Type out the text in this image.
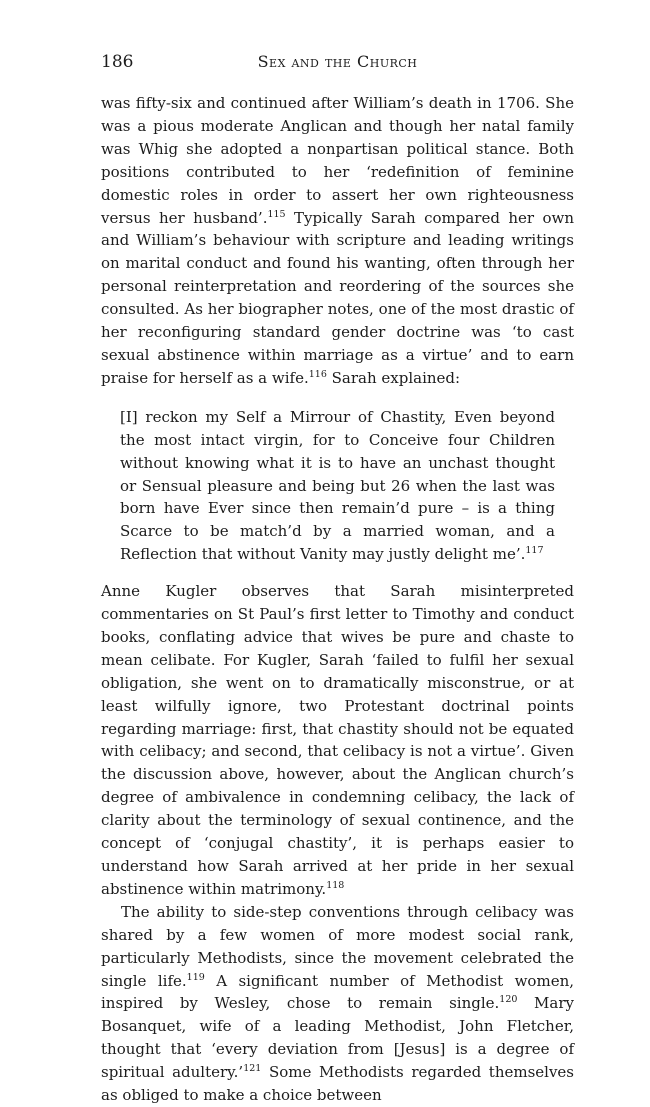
186	Sex and the Church

was fifty-six and continued after William’s death in 1706. She was a pious moderate Anglican and though her natal family was Whig she adopted a nonpartisan political stance. Both positions contributed to her ‘redefinition of feminine domestic roles in order to assert her own righteousness versus her husband’.$^{115}$ Typically Sarah compared her own and William’s behaviour with scripture and leading writings on marital conduct and found his wanting, often through her personal reinterpretation and reordering of the sources she consulted. As her biographer notes, one of the most drastic of her reconfiguring standard gender doctrine was ‘to cast sexual abstinence within marriage as a virtue’ and to earn praise for herself as a wife.$^{116}$ Sarah explained:

[I] reckon my Self a Mirrour of Chastity, Even beyond the most intact virgin, for to Conceive four Children without knowing what it is to have an unchast thought or Sensual pleasure and being but 26 when the last was born have Ever since then remain’d pure – is a thing Scarce to be match’d by a married woman, and a Reflection that without Vanity may justly delight me’.$^{117}$

Anne Kugler observes that Sarah misinterpreted commentaries on St Paul’s first letter to Timothy and conduct books, conflating advice that wives be pure and chaste to mean celibate. For Kugler, Sarah ‘failed to fulfil her sexual obligation, she went on to dramatically misconstrue, or at least wilfully ignore, two Protestant doctrinal points regarding marriage: first, that chastity should not be equated with celibacy; and second, that celibacy is not a virtue’. Given the discussion above, however, about the Anglican church’s degree of ambivalence in condemning celibacy, the lack of clarity about the terminology of sexual continence, and the concept of ‘conjugal chastity’, it is perhaps easier to understand how Sarah arrived at her pride in her sexual abstinence within matrimony.$^{118}$

The ability to side-step conventions through celibacy was shared by a few women of more modest social rank, particularly Methodists, since the movement celebrated the single life.$^{119}$ A significant number of Methodist women, inspired by Wesley, chose to remain single.$^{120}$ Mary Bosanquet, wife of a leading Methodist, John Fletcher, thought that ‘every deviation from [Jesus] is a degree of spiritual adultery.’$^{121}$ Some Methodists regarded themselves as obliged to make a choice between
